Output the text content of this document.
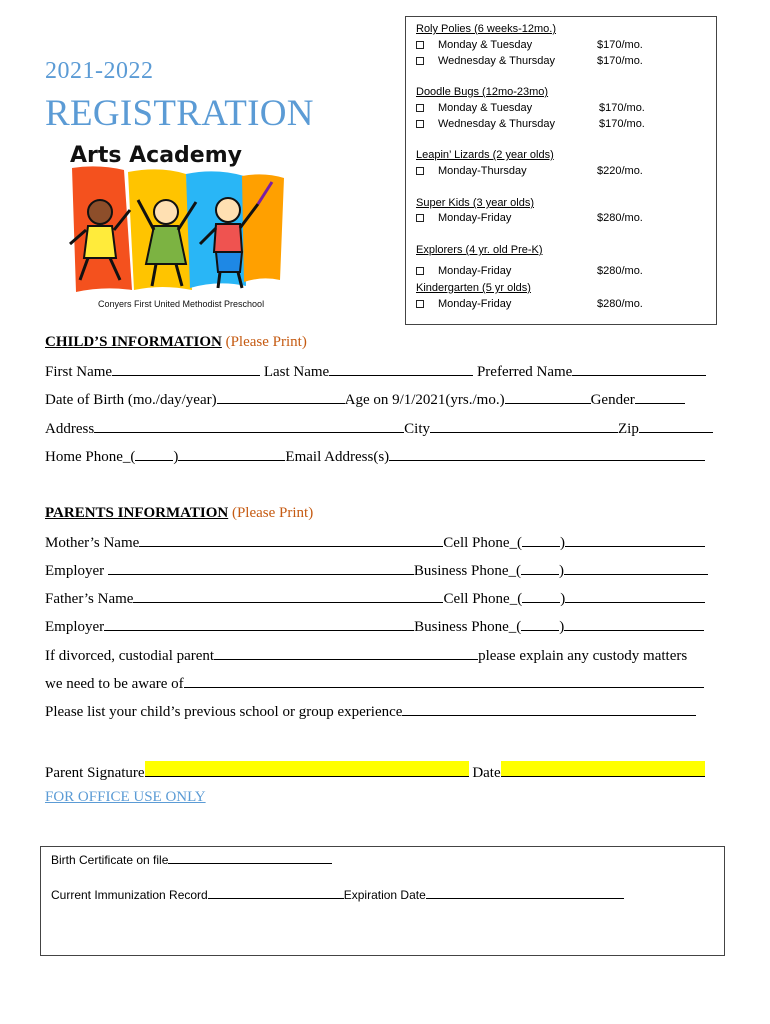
2021-2022
REGISTRATION
Arts Academy
Conyers First United Methodist Preschool
Roly Polies (6 weeks-12mo.)
Monday & Tuesday	$170/mo.
Wednesday & Thursday	$170/mo.
Doodle Bugs (12mo-23mo)
Monday & Tuesday	$170/mo.
Wednesday & Thursday	$170/mo.
Leapin’ Lizards (2 year olds)
Monday-Thursday	$220/mo.
Super Kids (3 year olds)
Monday-Friday	$280/mo.
Explorers (4 yr. old Pre-K)
Monday-Friday	$280/mo.
Kindergarten (5 yr olds)
Monday-Friday	$280/mo.
CHILD’S INFORMATION (Please Print)
First Name	Last Name	Preferred Name
Date of Birth (mo./day/year)	Age on 9/1/2021(yrs./mo.)	Gender
Address	City	Zip
Home Phone_(	)	Email Address(s)
PARENTS INFORMATION (Please Print)
Mother’s Name	Cell Phone_(	)
Employer	Business Phone_(	)
Father’s Name	Cell Phone_(	)
Employer	Business Phone_(	)
If divorced, custodial parent	please explain any custody matters
we need to be aware of
Please list your child’s previous school or group experience
Parent Signature	Date
FOR OFFICE USE ONLY
Birth Certificate on file
Current Immunization Record	Expiration Date
